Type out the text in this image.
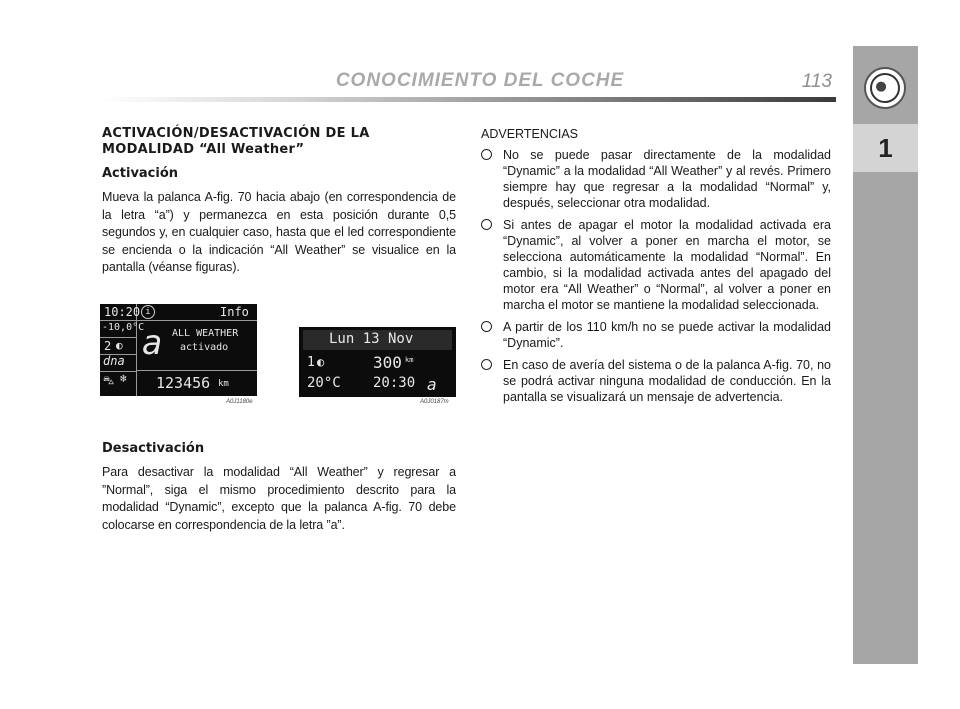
CONOCIMIENTO DEL COCHE	113
1
ACTIVACIÓN/DESACTIVACIÓN DE LA
MODALIDAD “All Weather”
Activación

Mueva la palanca A-fig. 70 hacia abajo (en correspondencia de la letra “a”) y permanezca en esta posición durante 0,5 segundos y, en cualquier caso, hasta que el led correspondiente se encienda o la indicación “All Weather” se visualice en la pantalla (véanse figuras).

10:20 i	Info
-10,0°C
2 ◐
dna
⛍ ❄
a ALL WEATHER
activado
123456 km
A0J1180e
Lun 13 Nov
1 ◐	300 km
20°C 20:30 a
A0J0187m
Desactivación

Para desactivar la modalidad “All Weather” y regresar a ”Normal”, siga el mismo procedimiento descrito para la modalidad “Dynamic”, excepto que la palanca A-fig. 70 debe colocarse en correspondencia de la letra ”a”.

ADVERTENCIAS
No se puede pasar directamente de la modalidad “Dynamic” a la modalidad “All Weather” y al revés. Primero siempre hay que regresar a la modalidad “Normal” y, después, seleccionar otra modalidad.
Si antes de apagar el motor la modalidad activada era “Dynamic”, al volver a poner en marcha el motor, se selecciona automáticamente la modalidad “Normal”. En cambio, si la modalidad activada antes del apagado del motor era “All Weather” o “Normal”, al volver a poner en marcha el motor se mantiene la modalidad seleccionada.
A partir de los 110 km/h no se puede activar la modalidad “Dynamic”.
En caso de avería del sistema o de la palanca A-fig. 70, no se podrá activar ninguna modalidad de conducción. En la pantalla se visualizará un mensaje de advertencia.
